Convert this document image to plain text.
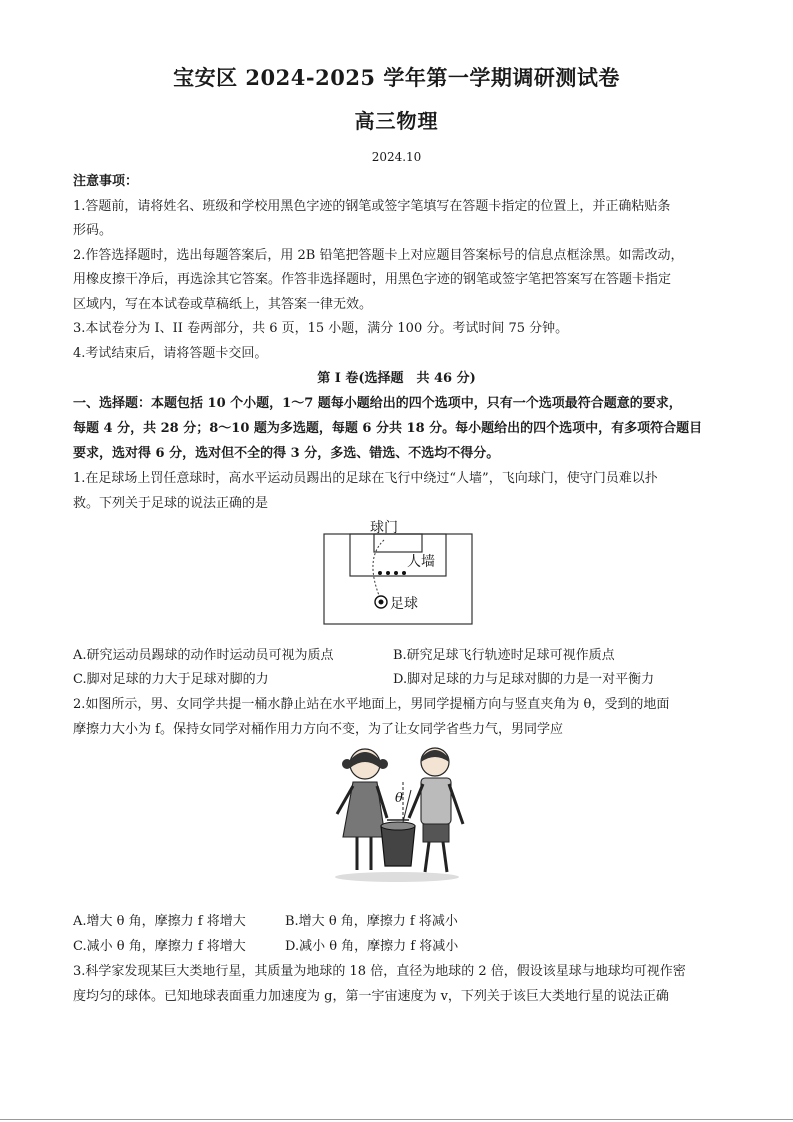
宝安区 2024-2025 学年第一学期调研测试卷
高三物理
2024.10
注意事项：
1.答题前，请将姓名、班级和学校用黑色字迹的钢笔或签字笔填写在答题卡指定的位置上，并正确粘贴条
形码。
2.作答选择题时，选出每题答案后，用 2B 铅笔把答题卡上对应题目答案标号的信息点框涂黑。如需改动，
用橡皮擦干净后，再选涂其它答案。作答非选择题时，用黑色字迹的钢笔或签字笔把答案写在答题卡指定
区域内，写在本试卷或草稿纸上，其答案一律无效。
3.本试卷分为 I、II 卷两部分，共 6 页，15 小题，满分 100 分。考试时间 75 分钟。
4.考试结束后，请将答题卡交回。
第 I 卷(选择题　共 46 分)
一、选择题：本题包括 10 个小题，1～7 题每小题给出的四个选项中，只有一个选项最符合题意的要求，
每题 4 分，共 28 分；8～10 题为多选题，每题 6 分共 18 分。每小题给出的四个选项中，有多项符合题目
要求，选对得 6 分，选对但不全的得 3 分，多选、错选、不选均不得分。
1.在足球场上罚任意球时，高水平运动员踢出的足球在飞行中绕过“人墙”，飞向球门，使守门员难以扑
救。下列关于足球的说法正确的是
球门
人墙
足球
A.研究运动员踢球的动作时运动员可视为质点	B.研究足球飞行轨迹时足球可视作质点
C.脚对足球的力大于足球对脚的力	D.脚对足球的力与足球对脚的力是一对平衡力
2.如图所示，男、女同学共提一桶水静止站在水平地面上，男同学提桶方向与竖直夹角为 θ，受到的地面
摩擦力大小为 f。保持女同学对桶作用力方向不变，为了让女同学省些力气，男同学应
θ
A.增大 θ 角，摩擦力 f 将增大	B.增大 θ 角，摩擦力 f 将减小
C.减小 θ 角，摩擦力 f 将增大	D.减小 θ 角，摩擦力 f 将减小
3.科学家发现某巨大类地行星，其质量为地球的 18 倍，直径为地球的 2 倍，假设该星球与地球均可视作密
度均匀的球体。已知地球表面重力加速度为 g，第一宇宙速度为 v，下列关于该巨大类地行星的说法正确
